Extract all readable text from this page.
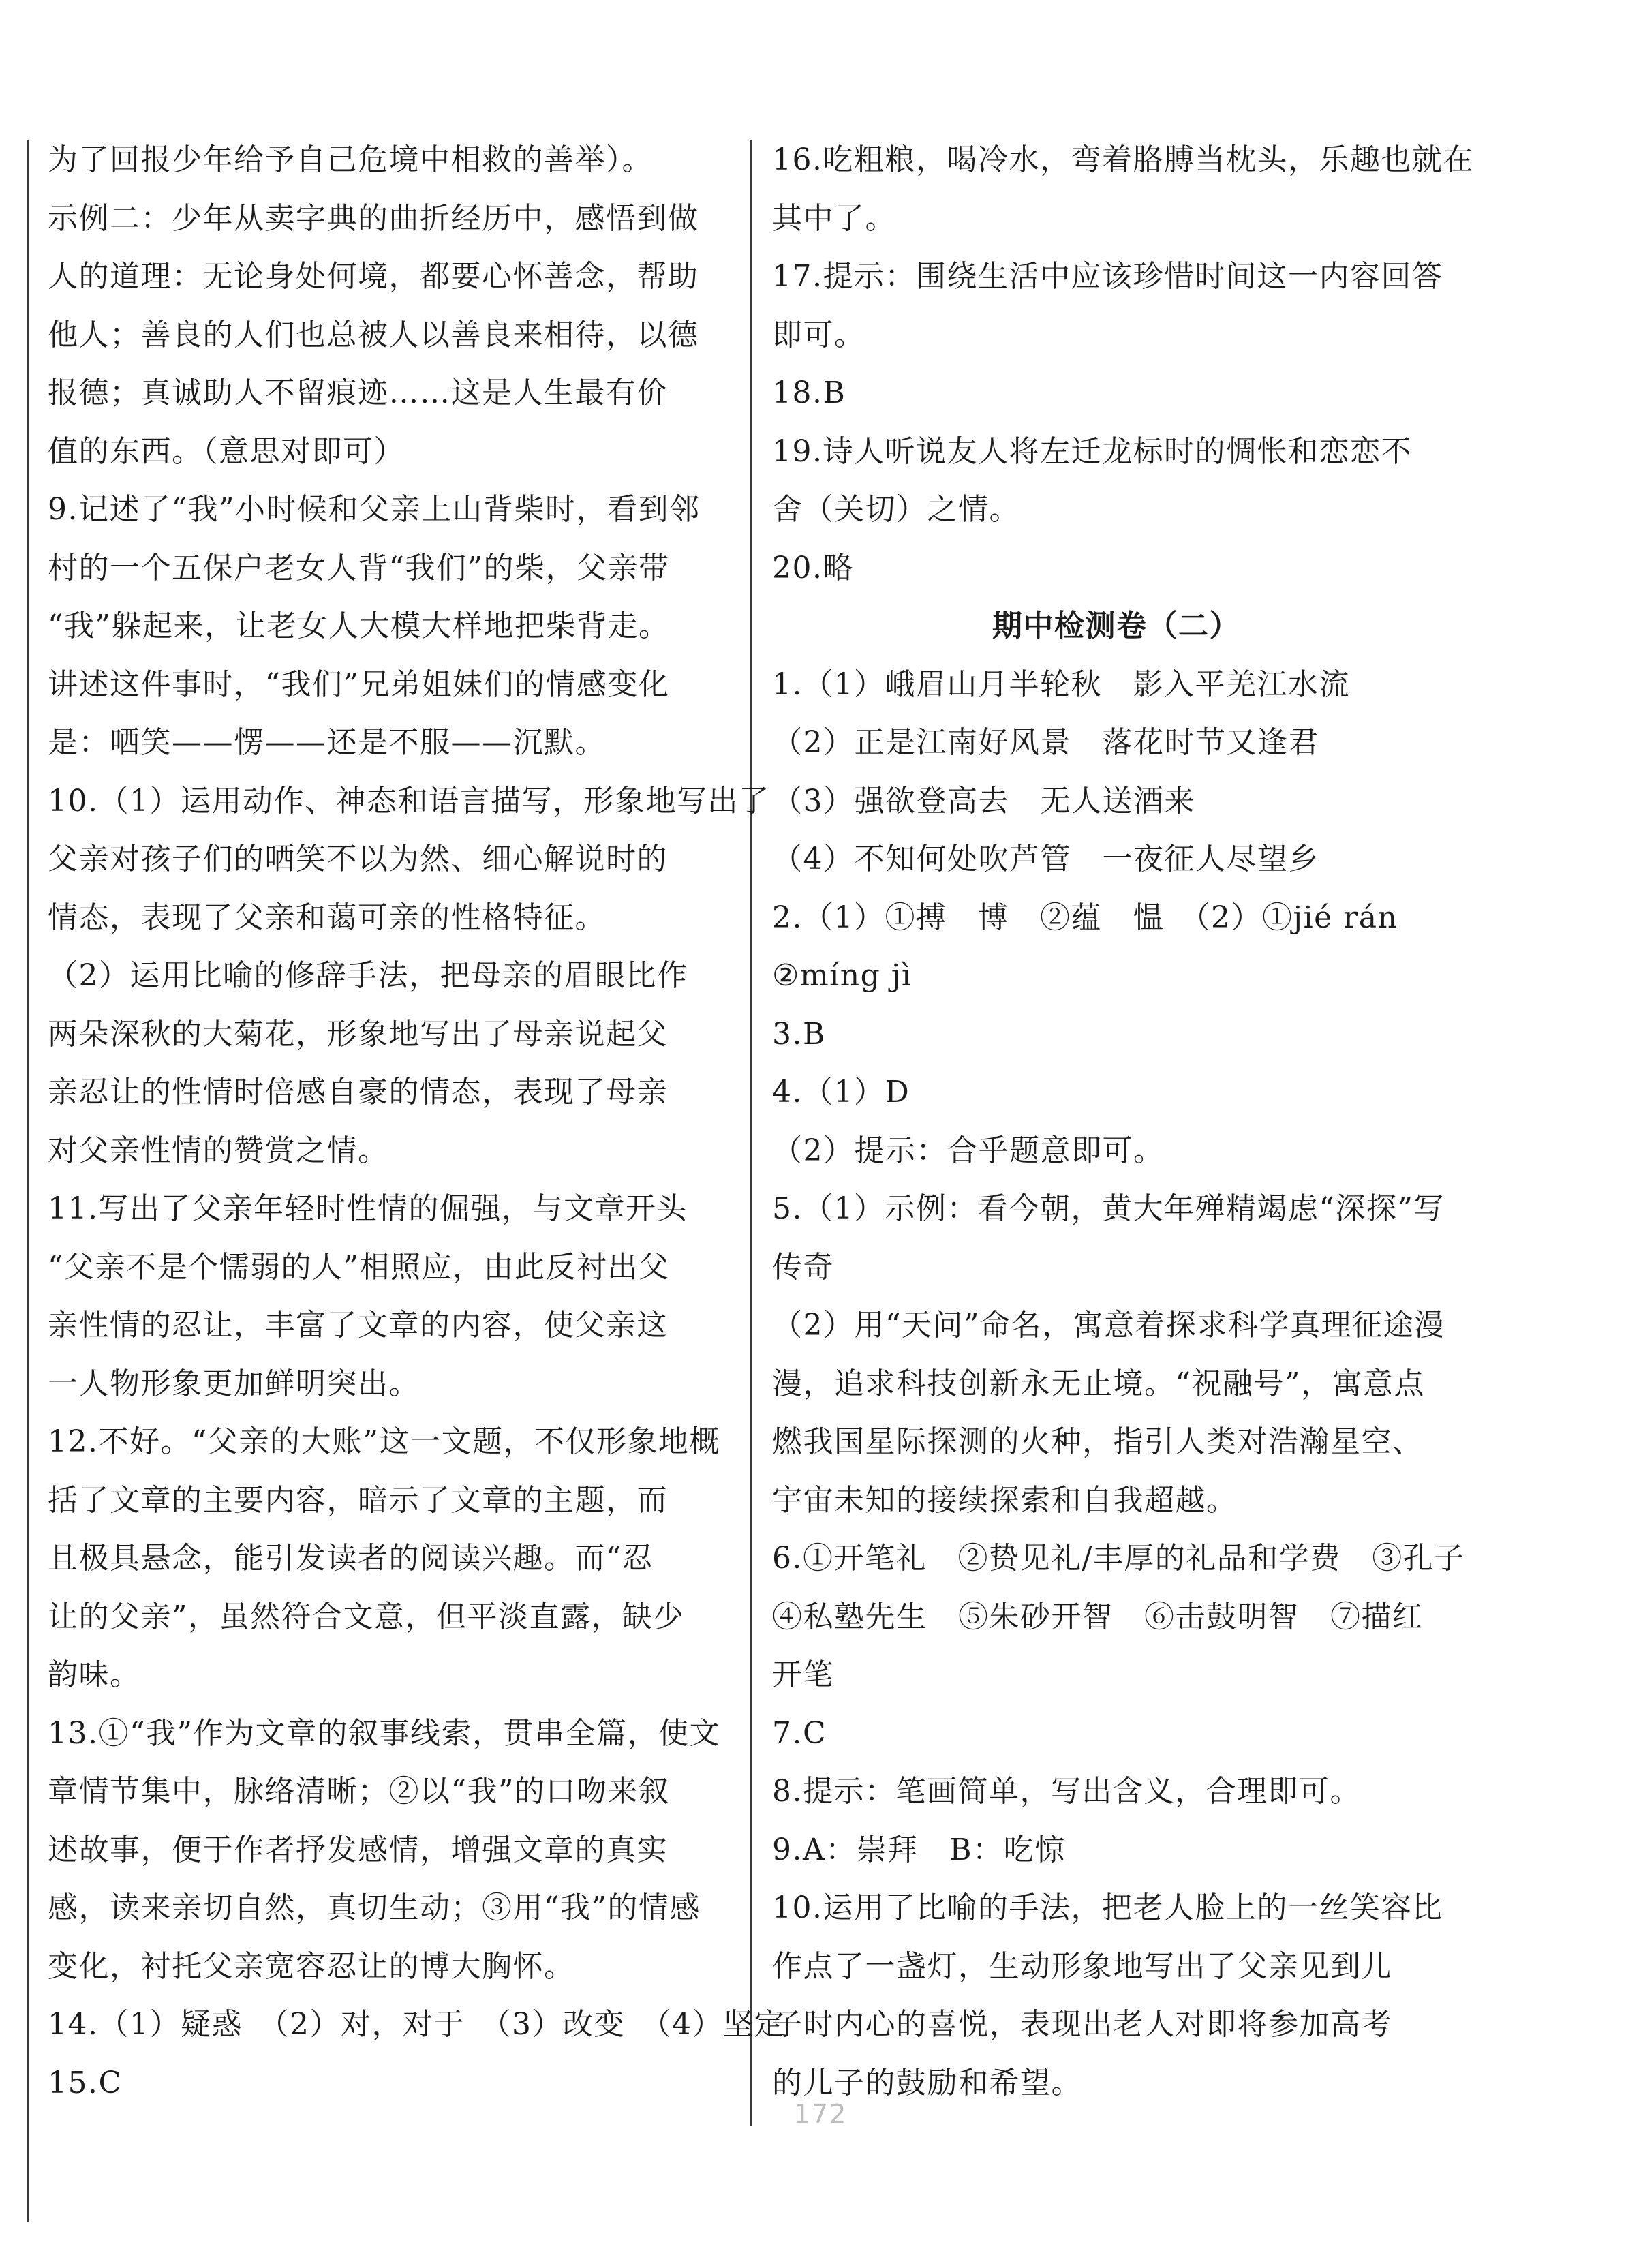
为了回报少年给予自己危境中相救的善举）。
示例二：少年从卖字典的曲折经历中，感悟到做
人的道理：无论身处何境，都要心怀善念，帮助
他人；善良的人们也总被人以善良来相待，以德
报德；真诚助人不留痕迹……这是人生最有价
值的东西。（意思对即可）
9.记述了“我”小时候和父亲上山背柴时，看到邻
村的一个五保户老女人背“我们”的柴，父亲带
“我”躲起来，让老女人大模大样地把柴背走。
讲述这件事时，“我们”兄弟姐妹们的情感变化
是：哂笑——愣——还是不服——沉默。
10.（1）运用动作、神态和语言描写，形象地写出了
父亲对孩子们的哂笑不以为然、细心解说时的
情态，表现了父亲和蔼可亲的性格特征。
（2）运用比喻的修辞手法，把母亲的眉眼比作
两朵深秋的大菊花，形象地写出了母亲说起父
亲忍让的性情时倍感自豪的情态，表现了母亲
对父亲性情的赞赏之情。
11.写出了父亲年轻时性情的倔强，与文章开头
“父亲不是个懦弱的人”相照应，由此反衬出父
亲性情的忍让，丰富了文章的内容，使父亲这
一人物形象更加鲜明突出。
12.不好。“父亲的大账”这一文题，不仅形象地概
括了文章的主要内容，暗示了文章的主题，而
且极具悬念，能引发读者的阅读兴趣。而“忍
让的父亲”，虽然符合文意，但平淡直露，缺少
韵味。
13.①“我”作为文章的叙事线索，贯串全篇，使文
章情节集中，脉络清晰；②以“我”的口吻来叙
述故事，便于作者抒发感情，增强文章的真实
感，读来亲切自然，真切生动；③用“我”的情感
变化，衬托父亲宽容忍让的博大胸怀。
14.（1）疑惑　（2）对，对于　（3）改变　（4）坚定
15.C
16.吃粗粮，喝冷水，弯着胳膊当枕头，乐趣也就在
其中了。
17.提示：围绕生活中应该珍惜时间这一内容回答
即可。
18.B
19.诗人听说友人将左迁龙标时的惆怅和恋恋不
舍（关切）之情。
20.略
期中检测卷（二）
1.（1）峨眉山月半轮秋　影入平羌江水流
（2）正是江南好风景　落花时节又逢君
（3）强欲登高去　无人送酒来
（4）不知何处吹芦管　一夜征人尽望乡
2.（1）①搏　博　②蕴　愠　（2）①jié rán
②míng jì
3.B
4.（1）D
（2）提示：合乎题意即可。
5.（1）示例：看今朝，黄大年殚精竭虑“深探”写
传奇
（2）用“天问”命名，寓意着探求科学真理征途漫
漫，追求科技创新永无止境。“祝融号”，寓意点
燃我国星际探测的火种，指引人类对浩瀚星空、
宇宙未知的接续探索和自我超越。
6.①开笔礼　②贽见礼/丰厚的礼品和学费　③孔子
④私塾先生　⑤朱砂开智　⑥击鼓明智　⑦描红
开笔
7.C
8.提示：笔画简单，写出含义，合理即可。
9.A：崇拜　B：吃惊
10.运用了比喻的手法，把老人脸上的一丝笑容比
作点了一盏灯，生动形象地写出了父亲见到儿
子时内心的喜悦，表现出老人对即将参加高考
的儿子的鼓励和希望。
172
